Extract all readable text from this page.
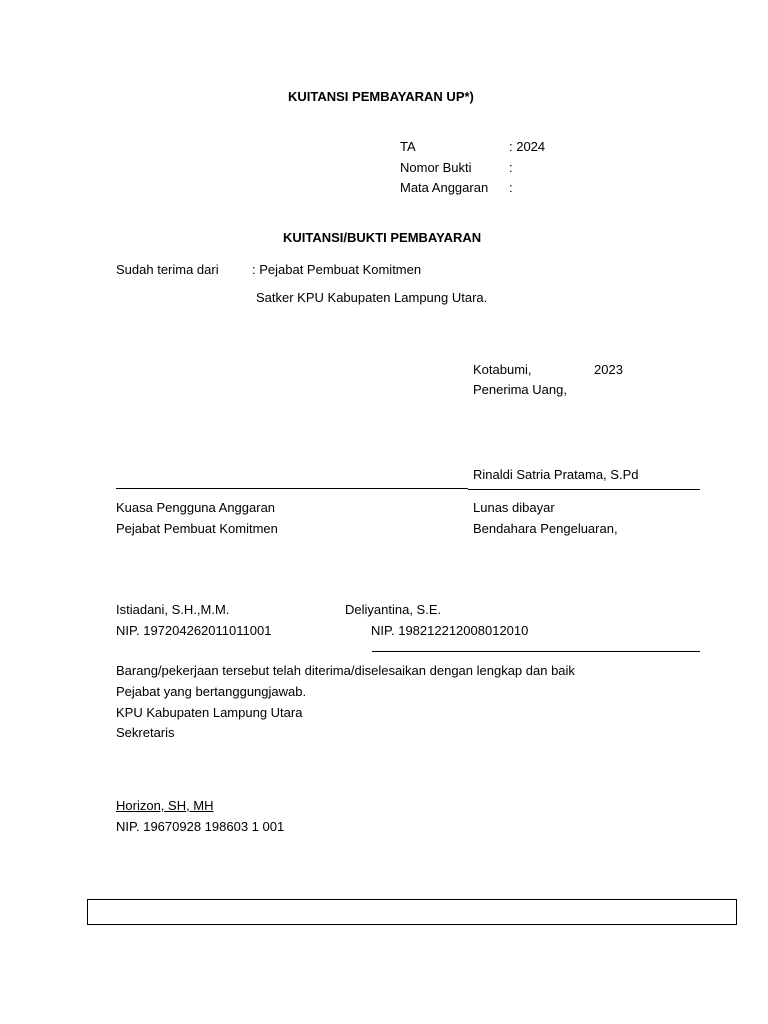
KUITANSI PEMBAYARAN UP*)
TA	: 2024
Nomor Bukti	:
Mata Anggaran :
KUITANSI/BUKTI PEMBAYARAN
Sudah terima dari	: Pejabat Pembuat Komitmen
Satker KPU Kabupaten Lampung Utara.
Kotabumi,	2023
Penerima Uang,
Rinaldi Satria Pratama, S.Pd
Kuasa Pengguna Anggaran
Pejabat Pembuat Komitmen
Lunas dibayar
Bendahara Pengeluaran,
Istiadani, S.H.,M.M.
NIP. 197204262011011001
Deliyantina, S.E.
NIP. 198212212008012010
Barang/pekerjaan tersebut telah diterima/diselesaikan dengan lengkap dan baik
Pejabat yang bertanggungjawab.
KPU Kabupaten Lampung Utara
Sekretaris
Horizon, SH, MH
NIP. 19670928 198603 1 001
